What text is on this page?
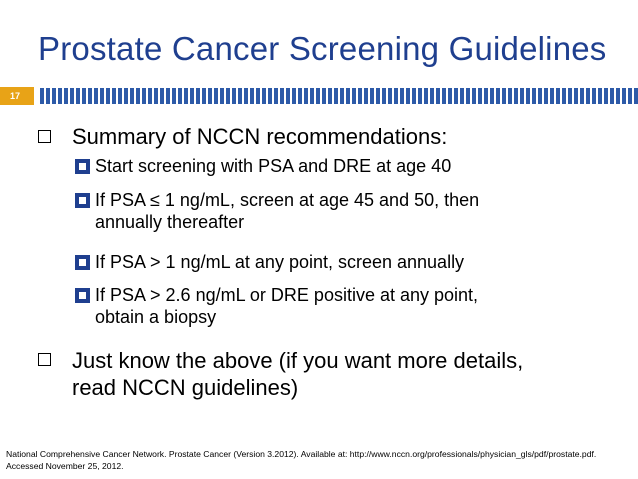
Prostate Cancer Screening Guidelines
17
Summary of NCCN recommendations:
Start screening with PSA and DRE at age 40
If PSA ≤ 1 ng/mL, screen at age 45 and 50, then
annually thereafter
If PSA > 1 ng/mL at any point, screen annually
If PSA > 2.6 ng/mL or DRE positive at any point,
obtain a biopsy
Just know the above (if you want more details,
read NCCN guidelines)
National Comprehensive Cancer Network. Prostate Cancer (Version 3.2012). Available at: http://www.nccn.org/professionals/physician_gls/pdf/prostate.pdf.
Accessed November 25, 2012.
